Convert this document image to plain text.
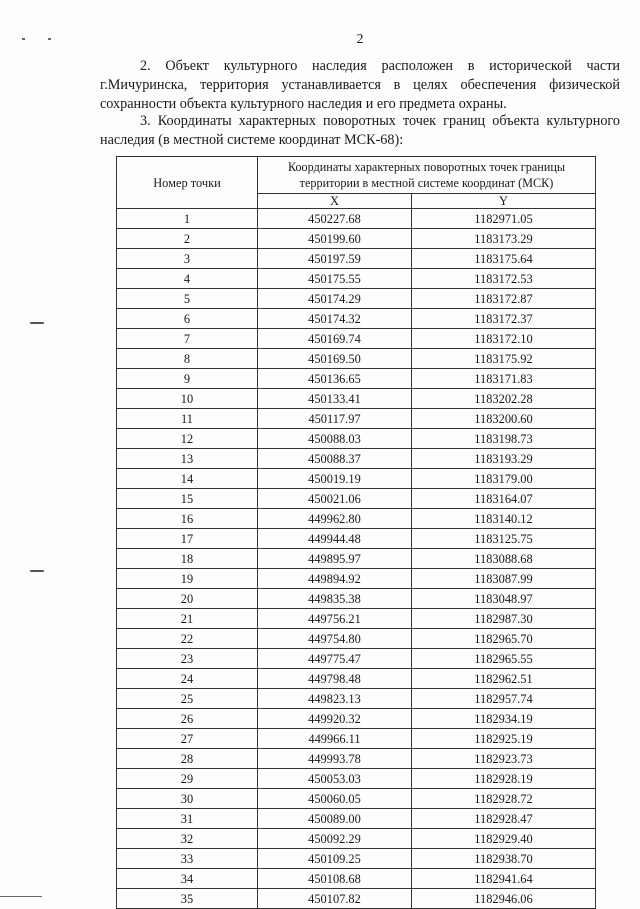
2

2. Объект культурного наследия расположен в исторической части г.Мичуринска, территория устанавливается в целях обеспечения физической сохранности объекта культурного наследия и его предмета охраны.

3. Координаты характерных поворотных точек границ объекта культурного наследия (в местной системе координат МСК-68):

Номер точки	Координаты характерных поворотных точек границы территории в местной системе координат (МСК)	
	X	Y
1	450227.68	1182971.05
2	450199.60	1183173.29
3	450197.59	1183175.64
4	450175.55	1183172.53
5	450174.29	1183172.87
6	450174.32	1183172.37
7	450169.74	1183172.10
8	450169.50	1183175.92
9	450136.65	1183171.83
10	450133.41	1183202.28
11	450117.97	1183200.60
12	450088.03	1183198.73
13	450088.37	1183193.29
14	450019.19	1183179.00
15	450021.06	1183164.07
16	449962.80	1183140.12
17	449944.48	1183125.75
18	449895.97	1183088.68
19	449894.92	1183087.99
20	449835.38	1183048.97
21	449756.21	1182987.30
22	449754.80	1182965.70
23	449775.47	1182965.55
24	449798.48	1182962.51
25	449823.13	1182957.74
26	449920.32	1182934.19
27	449966.11	1182925.19
28	449993.78	1182923.73
29	450053.03	1182928.19
30	450060.05	1182928.72
31	450089.00	1182928.47
32	450092.29	1182929.40
33	450109.25	1182938.70
34	450108.68	1182941.64
35	450107.82	1182946.06
